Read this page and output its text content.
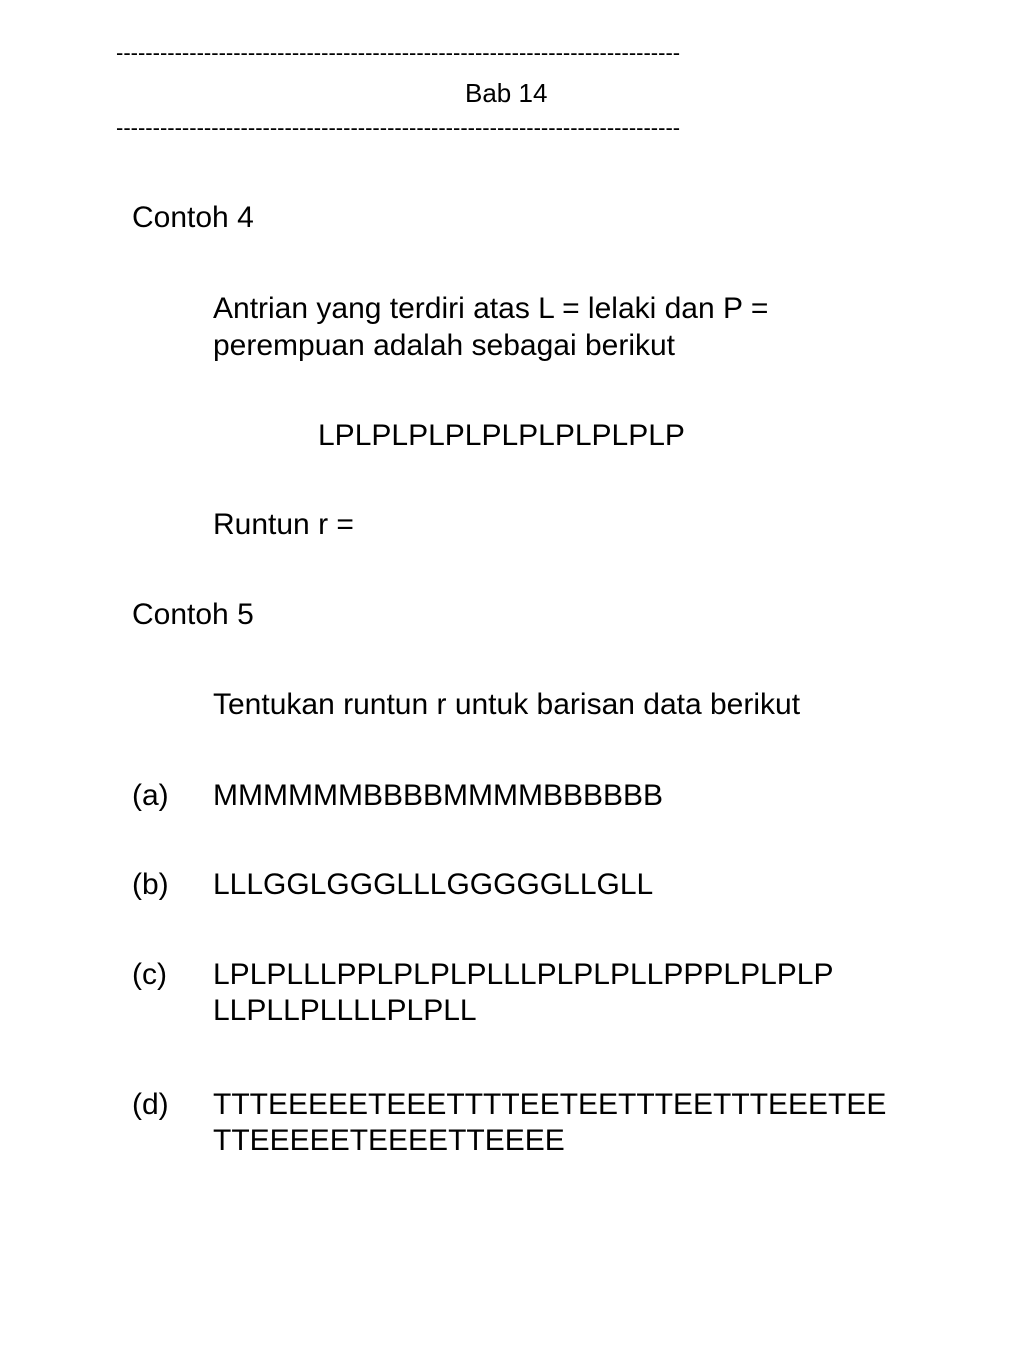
-----------------------------------------------------------------------------
Bab 14
-----------------------------------------------------------------------------
Contoh 4
Antrian yang terdiri atas L = lelaki dan P =
perempuan adalah sebagai berikut
LPLPLPLPLPLPLPLPLPLP
Runtun r =
Contoh 5
Tentukan runtun r untuk barisan data berikut
(a) MMMMMMBBBBMMMMBBBBBB
(b) LLLGGLGGGLLLGGGGGLLGLL
(c) LPLPLLLPPLPLPLPLLLPLPLPLLPPPLPLPLP
LLPLLPLLLLPLPLL
(d) TTTEEEEETEEETTTTEETEETTTEETTTEEETEE
TTEEEEETEEEETTEEEE
